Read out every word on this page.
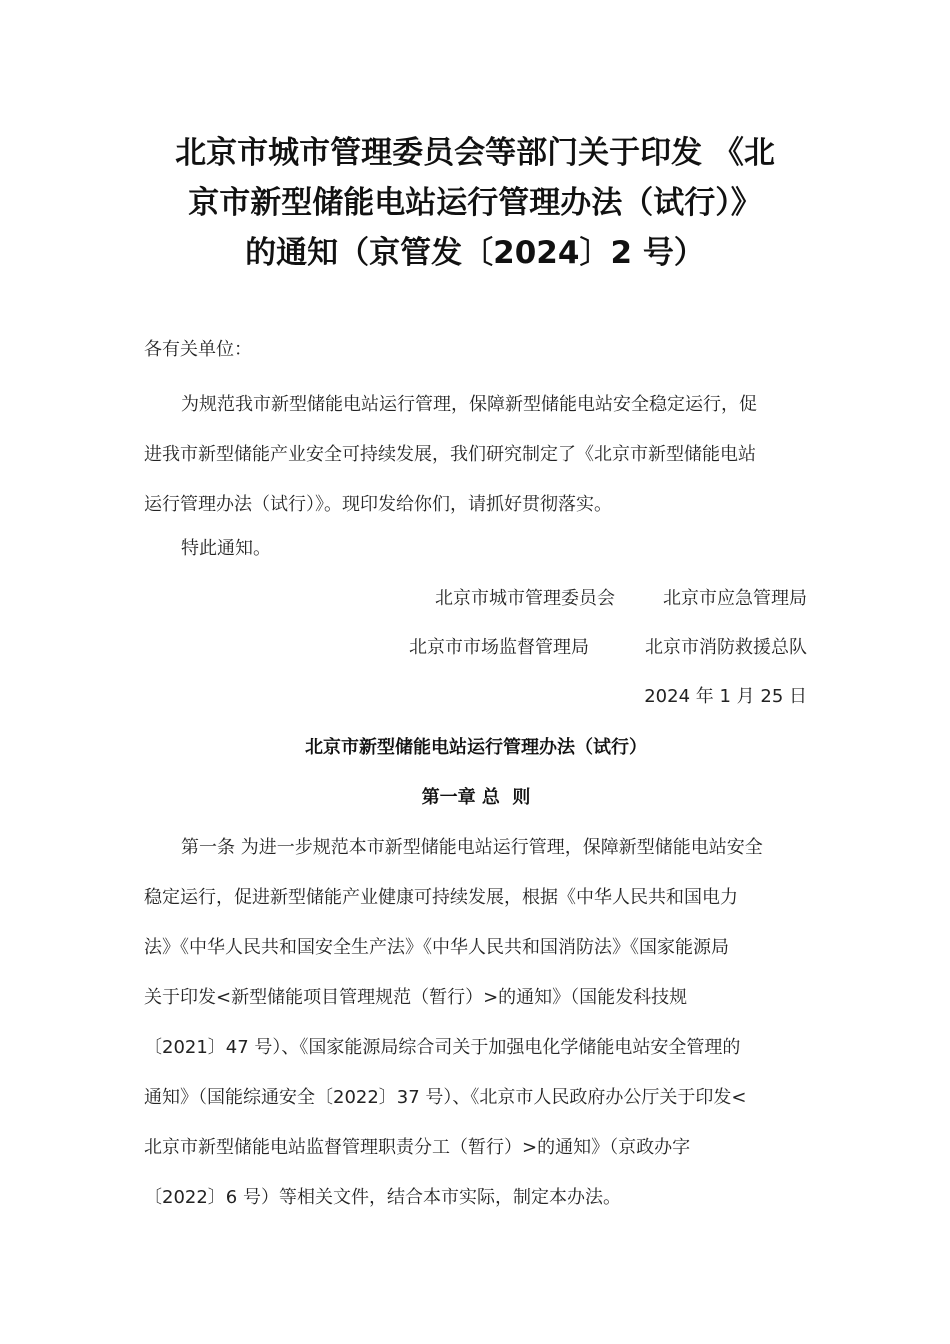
北京市城市管理委员会等部门关于印发 《北
京市新型储能电站运行管理办法（试行）》
的通知（京管发〔2024〕2 号）
各有关单位：
为规范我市新型储能电站运行管理，保障新型储能电站安全稳定运行，促
进我市新型储能产业安全可持续发展，我们研究制定了《北京市新型储能电站
运行管理办法（试行）》。现印发给你们，请抓好贯彻落实。
特此通知。
北京市城市管理委员会	北京市应急管理局
北京市市场监督管理局	北京市消防救援总队
2024 年 1 月 25 日
北京市新型储能电站运行管理办法（试行）
第一章 总  则
第一条 为进一步规范本市新型储能电站运行管理，保障新型储能电站安全
稳定运行，促进新型储能产业健康可持续发展，根据《中华人民共和国电力
法》《中华人民共和国安全生产法》《中华人民共和国消防法》《国家能源局
关于印发<新型储能项目管理规范（暂行）>的通知》（国能发科技规
〔2021〕47 号）、《国家能源局综合司关于加强电化学储能电站安全管理的
通知》（国能综通安全〔2022〕37 号）、《北京市人民政府办公厅关于印发<
北京市新型储能电站监督管理职责分工（暂行）>的通知》（京政办字
〔2022〕6 号）等相关文件，结合本市实际，制定本办法。
